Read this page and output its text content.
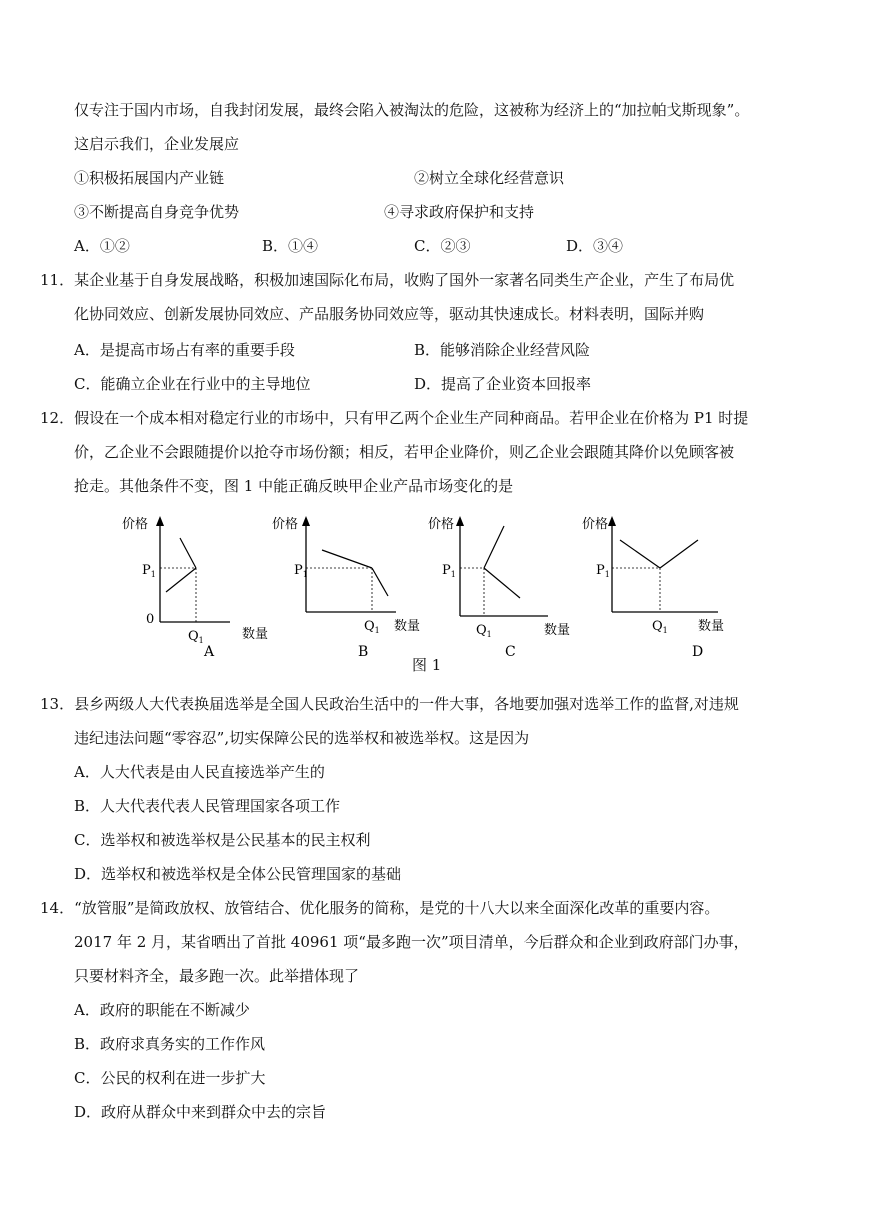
仅专注于国内市场，自我封闭发展，最终会陷入被淘汰的危险，这被称为经济上的“加拉帕戈斯现象”。
这启示我们，企业发展应
①积极拓展国内产业链	②树立全球化经营意识
③不断提高自身竞争优势	④寻求政府保护和支持
A．①②	B．①④	C．②③	D．③④
11．某企业基于自身发展战略，积极加速国际化布局，收购了国外一家著名同类生产企业，产生了布局优
化协同效应、创新发展协同效应、产品服务协同效应等，驱动其快速成长。材料表明，国际并购
A．是提高市场占有率的重要手段	B．能够消除企业经营风险
C．能确立企业在行业中的主导地位	D．提高了企业资本回报率
12．假设在一个成本相对稳定行业的市场中，只有甲乙两个企业生产同种商品。若甲企业在价格为 P1 时提
价，乙企业不会跟随提价以抢夺市场份额；相反，若甲企业降价，则乙企业会跟随其降价以免顾客被
抢走。其他条件不变，图 1 中能正确反映甲企业产品市场变化的是
价格
0
$P_1$
$Q_1$	数量
A
价格
$P_1$
$Q_1$ 数量
B
价格
$P_1$
$Q_1$	数量
C
价格
$P_1$
$Q_1$ 数量
D
图 1
13．县乡两级人大代表换届选举是全国人民政治生活中的一件大事，各地要加强对选举工作的监督,对违规
违纪违法问题“零容忍”,切实保障公民的选举权和被选举权。这是因为
A．人大代表是由人民直接选举产生的
B．人大代表代表人民管理国家各项工作
C．选举权和被选举权是公民基本的民主权利
D．选举权和被选举权是全体公民管理国家的基础
14．“放管服”是简政放权、放管结合、优化服务的简称，是党的十八大以来全面深化改革的重要内容。
2017 年 2 月，某省晒出了首批 40961 项“最多跑一次”项目清单，今后群众和企业到政府部门办事，
只要材料齐全，最多跑一次。此举措体现了
A．政府的职能在不断减少
B．政府求真务实的工作作风
C．公民的权利在进一步扩大
D．政府从群众中来到群众中去的宗旨
